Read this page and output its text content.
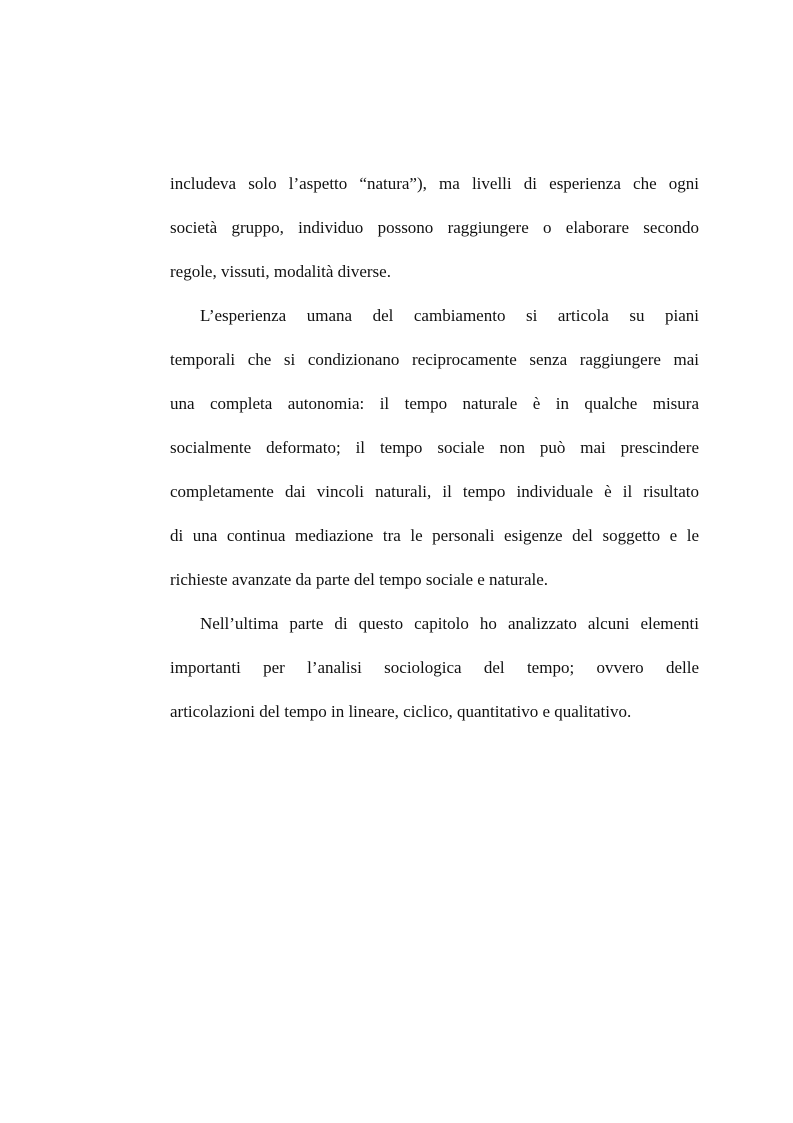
includeva solo l’aspetto “natura”), ma livelli di esperienza che ogni
società gruppo, individuo possono raggiungere o elaborare secondo
regole, vissuti, modalità diverse.

L’esperienza umana del cambiamento si articola su piani
temporali che si condizionano reciprocamente senza raggiungere mai
una completa autonomia: il tempo naturale è in qualche misura
socialmente deformato; il tempo sociale non può mai prescindere
completamente dai vincoli naturali, il tempo individuale è il risultato
di una continua mediazione tra le personali esigenze del soggetto e le
richieste avanzate da parte del tempo sociale e naturale.

Nell’ultima parte di questo capitolo ho analizzato alcuni elementi
importanti per l’analisi sociologica del tempo; ovvero delle
articolazioni del tempo in lineare, ciclico, quantitativo e qualitativo.
